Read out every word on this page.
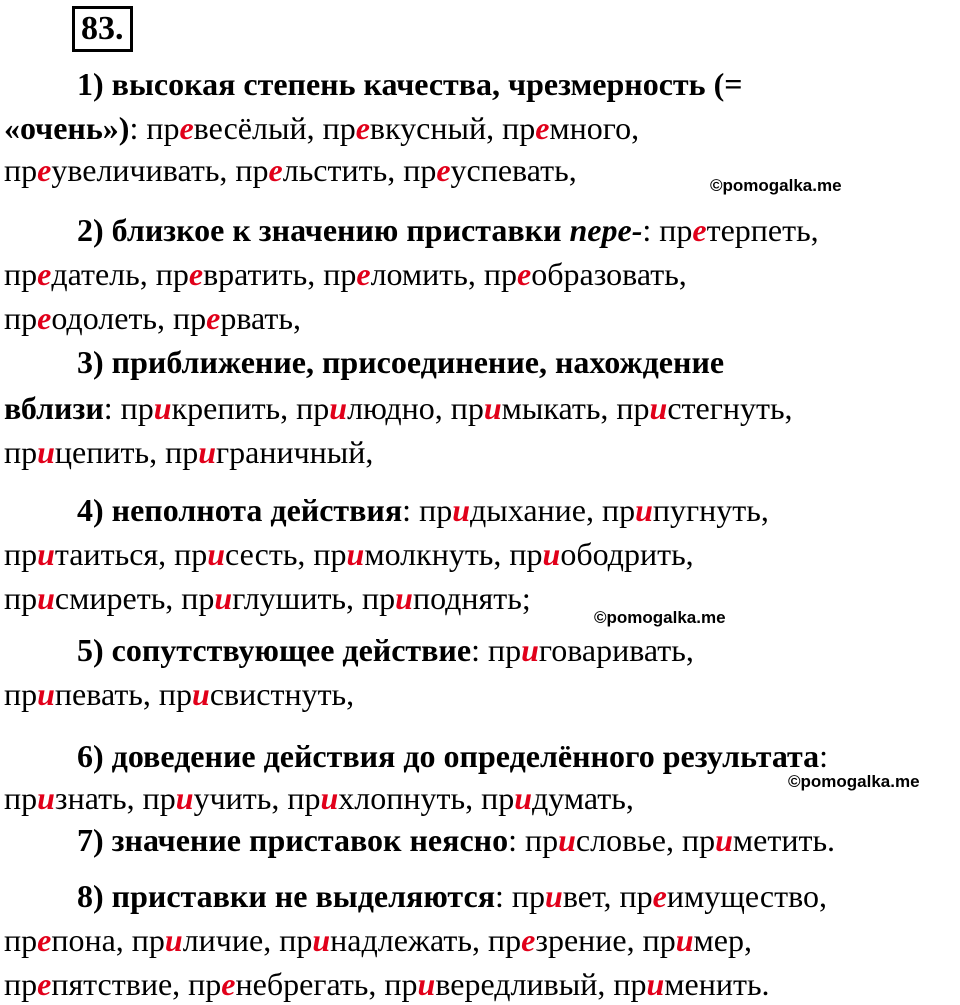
83.
1) высокая степень качества, чрезмерность (=
«очень»): превесёлый, превкусный, премного,
преувеличивать, прельстить, преуспевать,
2) близкое к значению приставки пере-: претерпеть,
предатель, превратить, преломить, преобразовать,
преодолеть, прервать,
3) приближение, присоединение, нахождение
вблизи: прикрепить, прилюдно, примыкать, пристегнуть,
прицепить, приграничный,
4) неполнота действия: придыхание, припугнуть,
притаиться, присесть, примолкнуть, приободрить,
присмиреть, приглушить, приподнять;
5) сопутствующее действие: приговаривать,
припевать, присвистнуть,
6) доведение действия до определённого результата:
признать, приучить, прихлопнуть, придумать,
7) значение приставок неясно: присловье, приметить.
8) приставки не выделяются: привет, преимущество,
препона, приличие, принадлежать, презрение, пример,
препятствие, пренебрегать, привередливый, применить.
©pomogalka.me
©pomogalka.me
©pomogalka.me
